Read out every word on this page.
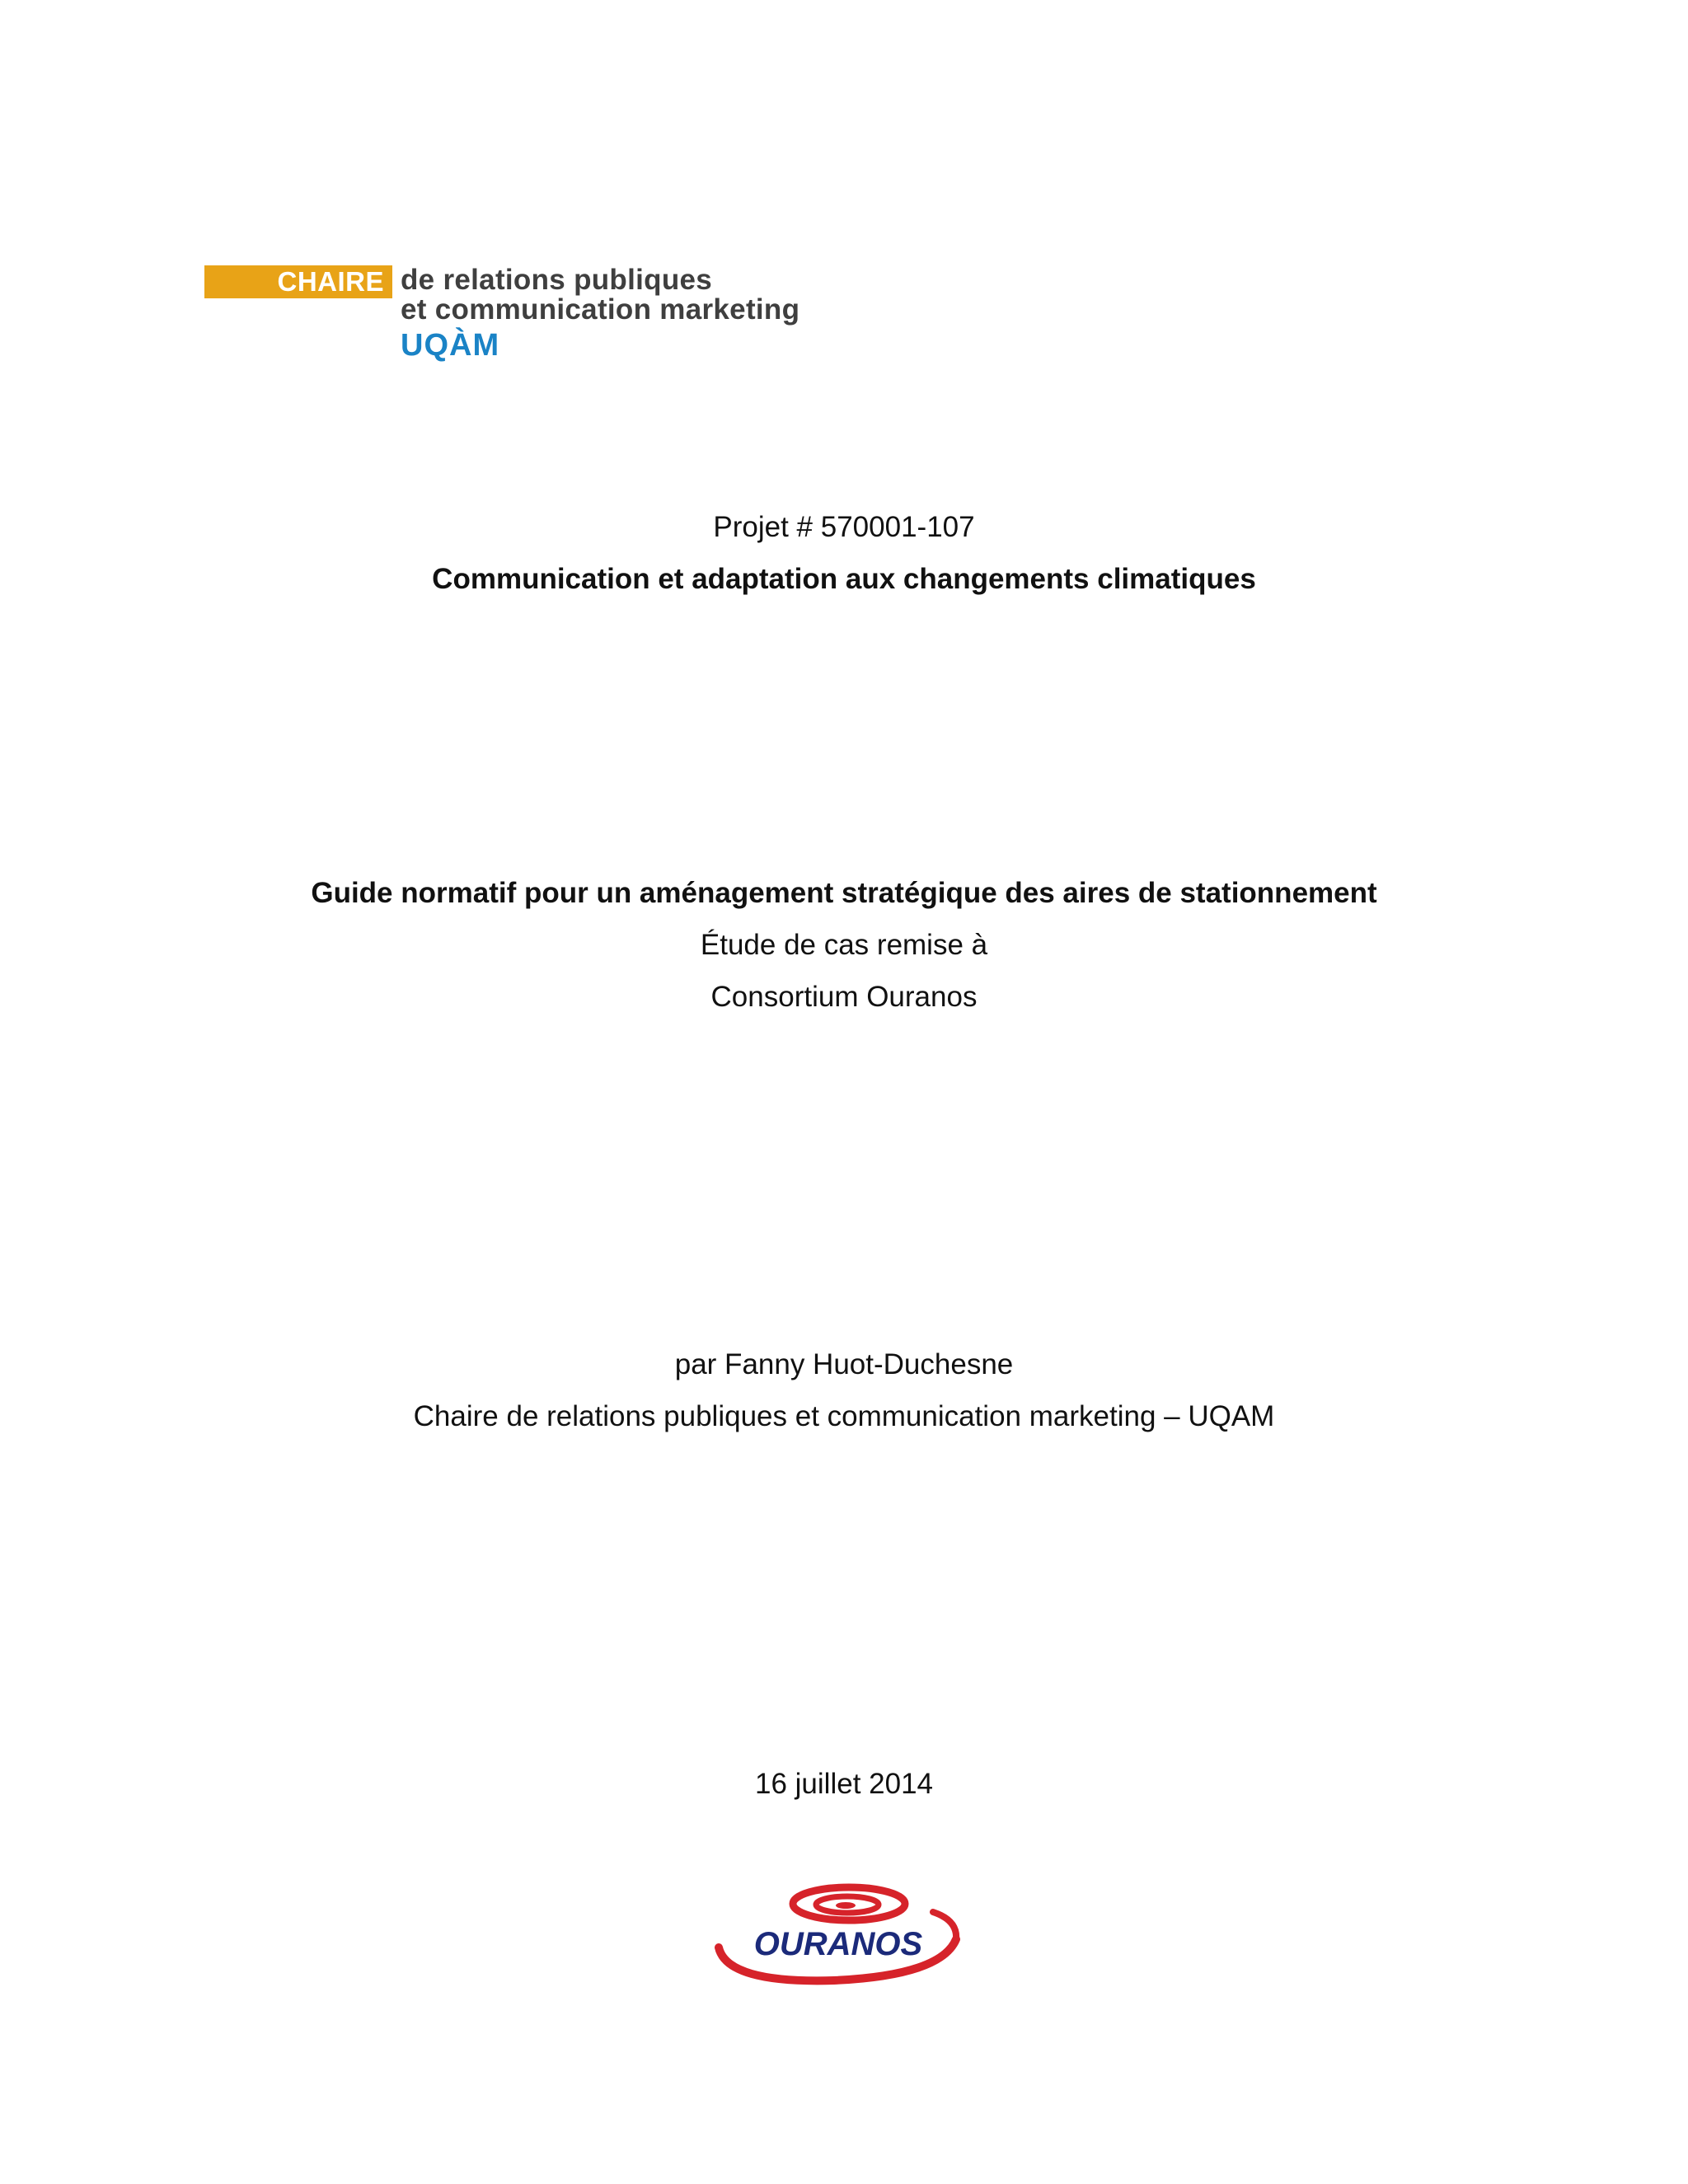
CHAIRE de relations publiques
et communication marketing
UQÀM
Projet # 570001-107
Communication et adaptation aux changements climatiques
Guide normatif pour un aménagement stratégique des aires de stationnement
Étude de cas remise à
Consortium Ouranos
par Fanny Huot-Duchesne
Chaire de relations publiques et communication marketing – UQAM
16 juillet 2014
OURANOS
